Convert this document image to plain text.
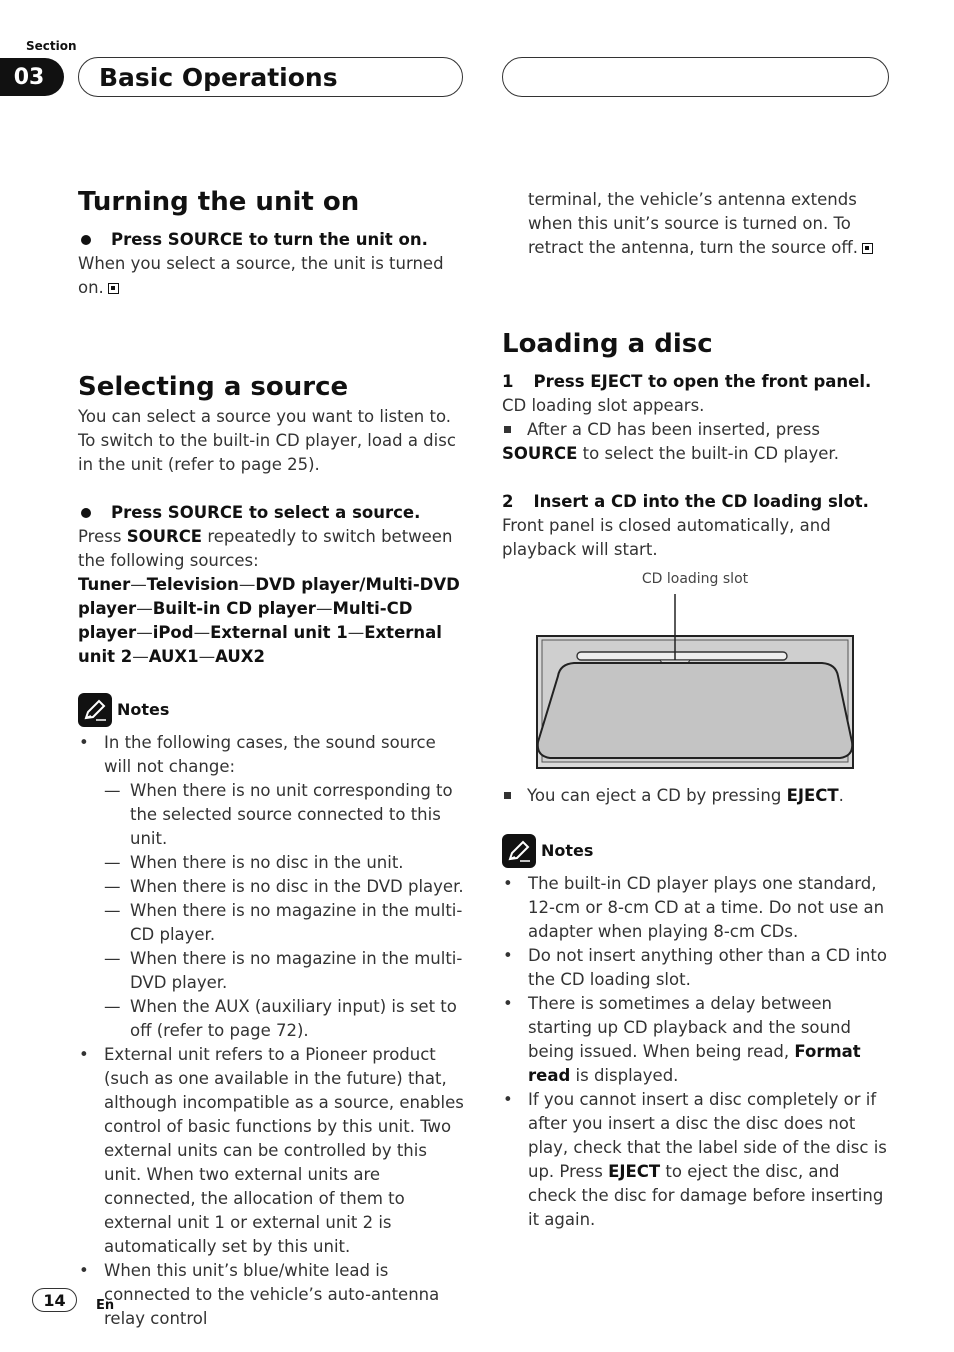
Section
03	Basic Operations
Turning the unit on
Press SOURCE to turn the unit on.

When you select a source, the unit is turned on.

Selecting a source

You can select a source you want to listen to. To switch to the built-in CD player, load a disc in the unit (refer to page 25).

Press SOURCE to select a source.

Press SOURCE repeatedly to switch between the following sources:

Tuner—Television—DVD player/Multi-DVD player—Built-in CD player—Multi-CD player—iPod—External unit 1—External unit 2—AUX1—AUX2

Notes
• In the following cases, the sound source will not change:
— When there is no unit corresponding to the selected source connected to this unit.
— When there is no disc in the unit.
— When there is no disc in the DVD player.
— When there is no magazine in the multi-CD player.
— When there is no magazine in the multi-DVD player.
— When the AUX (auxiliary input) is set to off (refer to page 72).
• External unit refers to a Pioneer product (such as one available in the future) that, although incompatible as a source, enables control of basic functions by this unit. Two external units can be controlled by this unit. When two external units are connected, the allocation of them to external unit 1 or external unit 2 is automatically set by this unit.
• When this unit’s blue/white lead is connected to the vehicle’s auto-antenna relay control

terminal, the vehicle’s antenna extends when this unit’s source is turned on. To retract the antenna, turn the source off.

Loading a disc

1 Press EJECT to open the front panel.

CD loading slot appears.

After a CD has been inserted, press SOURCE to select the built-in CD player.

2 Insert a CD into the CD loading slot.

Front panel is closed automatically, and playback will start.

CD loading slot

You can eject a CD by pressing EJECT.

Notes
• The built-in CD player plays one standard, 12-cm or 8-cm CD at a time. Do not use an adapter when playing 8-cm CDs.
• Do not insert anything other than a CD into the CD loading slot.
• There is sometimes a delay between starting up CD playback and the sound being issued. When being read, Format read is displayed.
• If you cannot insert a disc completely or if after you insert a disc the disc does not play, check that the label side of the disc is up. Press EJECT to eject the disc, and check the disc for damage before inserting it again.
14	En
